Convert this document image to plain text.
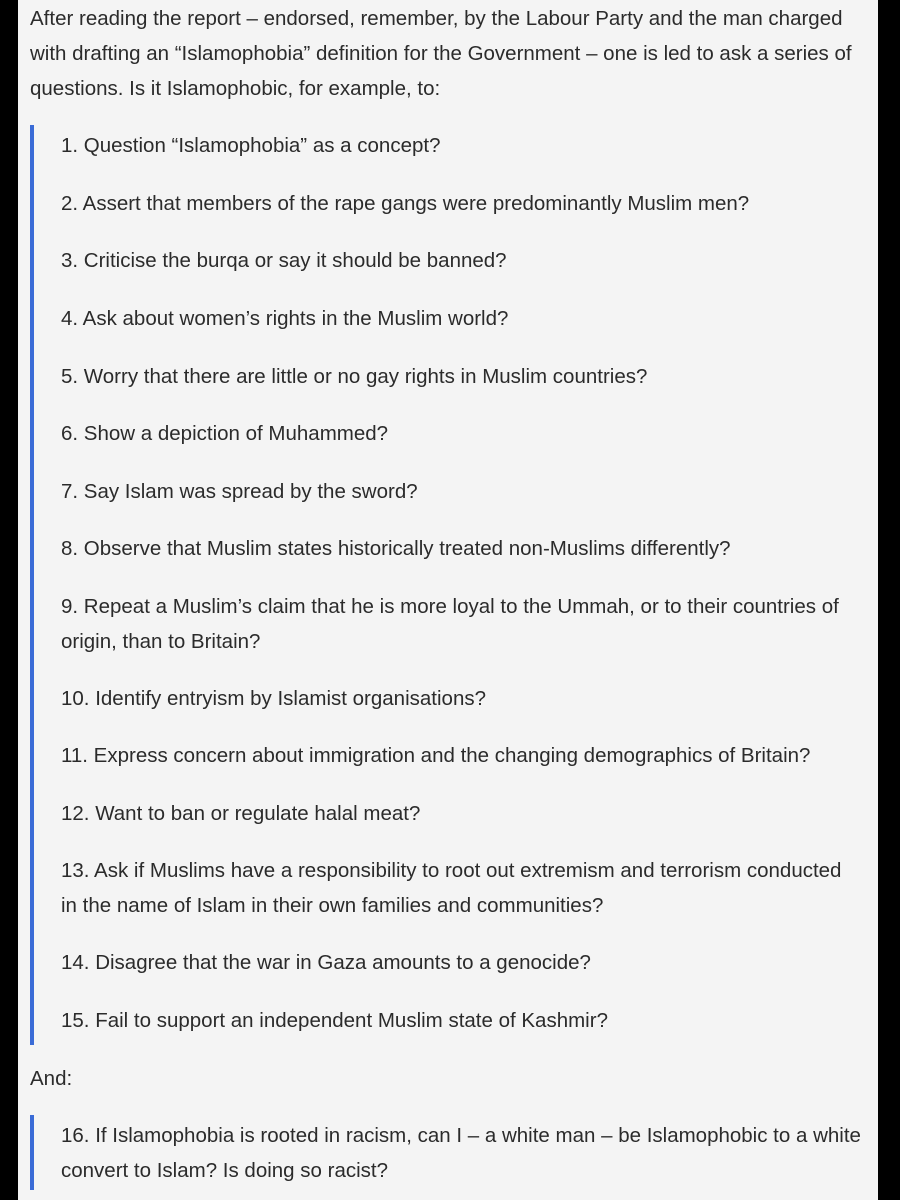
After reading the report – endorsed, remember, by the Labour Party and the man charged with drafting an “Islamophobia” definition for the Government – one is led to ask a series of questions. Is it Islamophobic, for example, to:

1. Question “Islamophobia” as a concept?

2. Assert that members of the rape gangs were predominantly Muslim men?

3. Criticise the burqa or say it should be banned?

4. Ask about women’s rights in the Muslim world?

5. Worry that there are little or no gay rights in Muslim countries?

6. Show a depiction of Muhammed?

7. Say Islam was spread by the sword?

8. Observe that Muslim states historically treated non-Muslims differently?

9. Repeat a Muslim’s claim that he is more loyal to the Ummah, or to their countries of origin, than to Britain?

10. Identify entryism by Islamist organisations?

11. Express concern about immigration and the changing demographics of Britain?

12. Want to ban or regulate halal meat?

13. Ask if Muslims have a responsibility to root out extremism and terrorism conducted in the name of Islam in their own families and communities?

14. Disagree that the war in Gaza amounts to a genocide?

15. Fail to support an independent Muslim state of Kashmir?

And:

16. If Islamophobia is rooted in racism, can I – a white man – be Islamophobic to a white convert to Islam? Is doing so racist?
